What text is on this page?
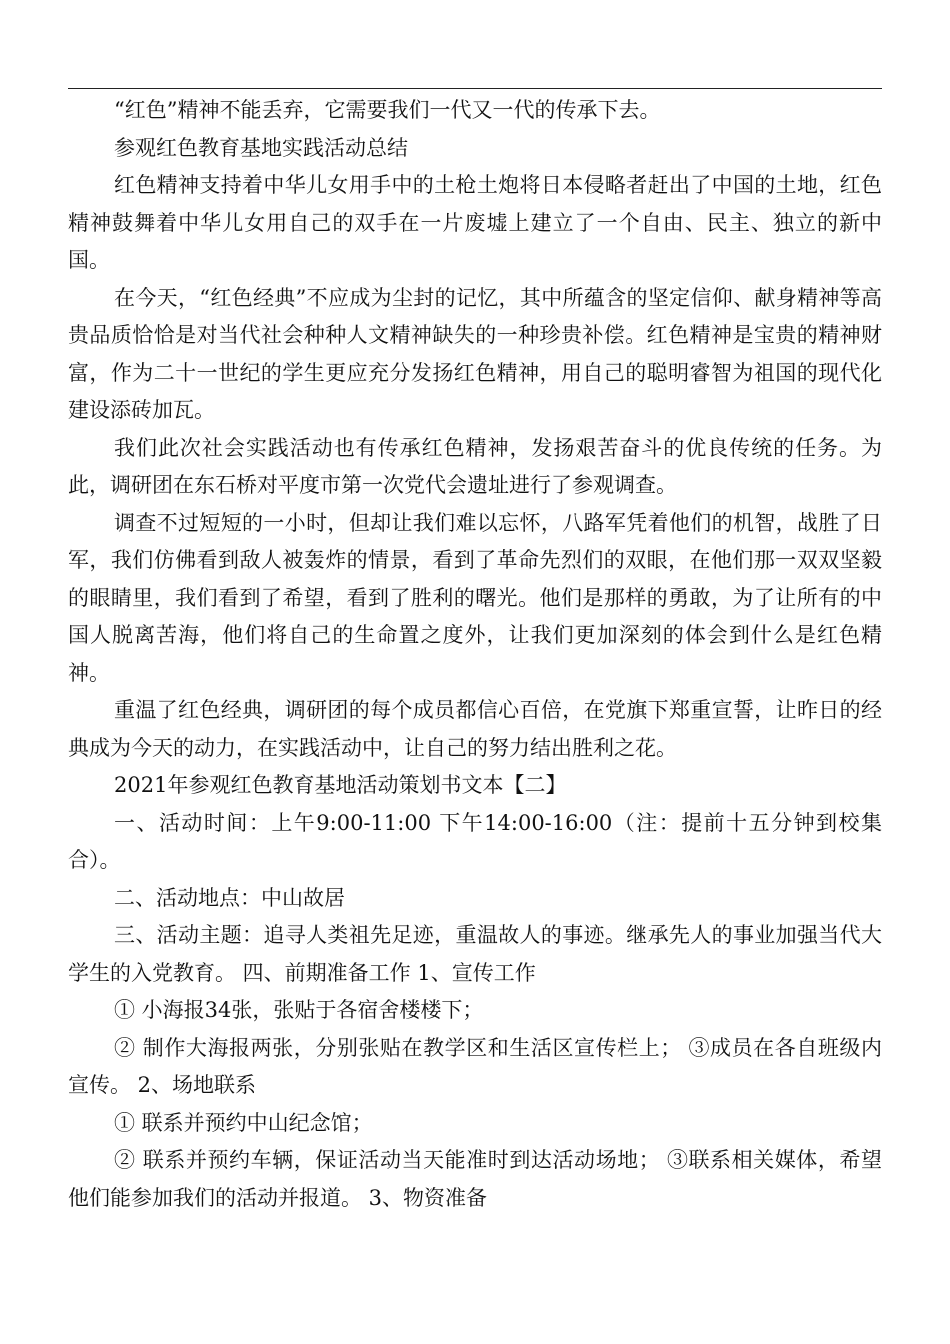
“红色”精神不能丢弃，它需要我们一代又一代的传承下去。

参观红色教育基地实践活动总结

红色精神支持着中华儿女用手中的土枪土炮将日本侵略者赶出了中国的土地，红色精神鼓舞着中华儿女用自己的双手在一片废墟上建立了一个自由、民主、独立的新中国。

在今天，“红色经典”不应成为尘封的记忆，其中所蕴含的坚定信仰、献身精神等高贵品质恰恰是对当代社会种种人文精神缺失的一种珍贵补偿。红色精神是宝贵的精神财富，作为二十一世纪的学生更应充分发扬红色精神，用自己的聪明睿智为祖国的现代化建设添砖加瓦。

我们此次社会实践活动也有传承红色精神，发扬艰苦奋斗的优良传统的任务。为此，调研团在东石桥对平度市第一次党代会遗址进行了参观调查。

调查不过短短的一小时，但却让我们难以忘怀，八路军凭着他们的机智，战胜了日军，我们仿佛看到敌人被轰炸的情景，看到了革命先烈们的双眼，在他们那一双双坚毅的眼睛里，我们看到了希望，看到了胜利的曙光。他们是那样的勇敢，为了让所有的中国人脱离苦海，他们将自己的生命置之度外，让我们更加深刻的体会到什么是红色精神。

重温了红色经典，调研团的每个成员都信心百倍，在党旗下郑重宣誓，让昨日的经典成为今天的动力，在实践活动中，让自己的努力结出胜利之花。

2021年参观红色教育基地活动策划书文本【二】

一、活动时间：上午9:00-11:00 下午14:00-16:00（注：提前十五分钟到校集合）。

二、活动地点：中山故居

三、活动主题：追寻人类祖先足迹，重温故人的事迹。继承先人的事业加强当代大学生的入党教育。 四、前期准备工作 1、宣传工作

① 小海报34张，张贴于各宿舍楼楼下；

② 制作大海报两张，分别张贴在教学区和生活区宣传栏上； ③成员在各自班级内宣传。 2、场地联系

① 联系并预约中山纪念馆；

② 联系并预约车辆，保证活动当天能准时到达活动场地； ③联系相关媒体，希望他们能参加我们的活动并报道。 3、物资准备
